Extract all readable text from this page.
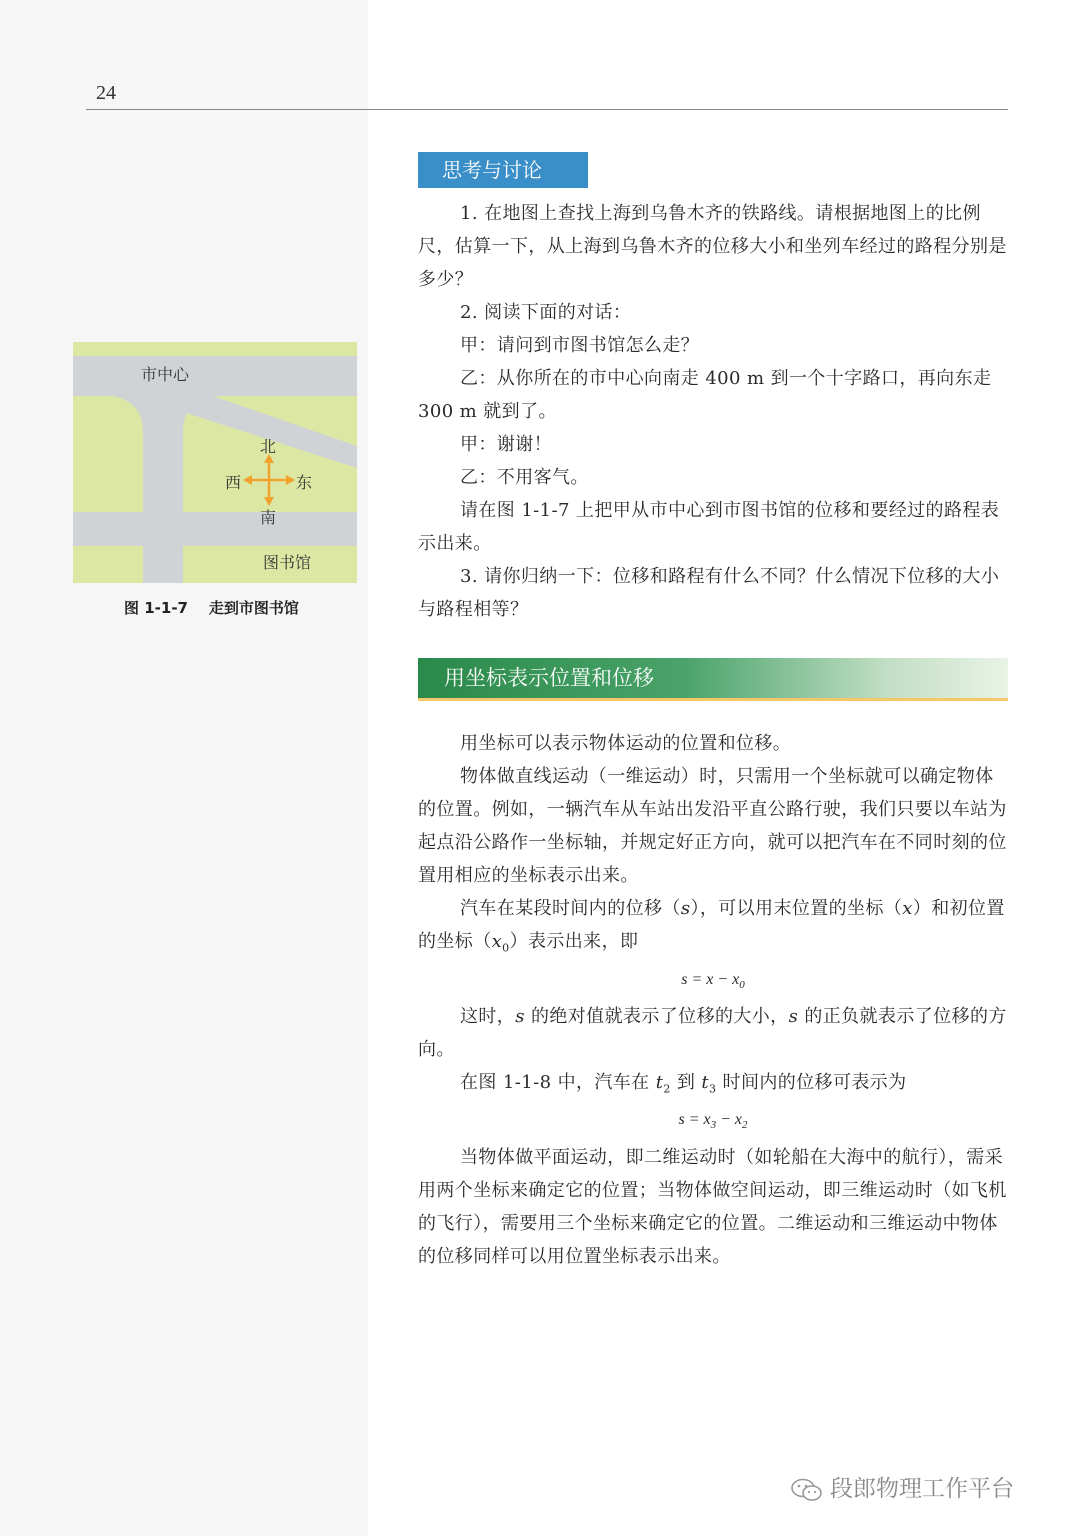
24
市中心
北
南
西	东
图书馆
图 1-1-7 走到市图书馆
思考与讨论

1. 在地图上查找上海到乌鲁木齐的铁路线。请根据地图上的比例尺，估算一下，从上海到乌鲁木齐的位移大小和坐列车经过的路程分别是多少？

2. 阅读下面的对话：

甲：请问到市图书馆怎么走？

乙：从你所在的市中心向南走 400 m 到一个十字路口，再向东走 300 m 就到了。

甲：谢谢！

乙：不用客气。

请在图 1-1-7 上把甲从市中心到市图书馆的位移和要经过的路程表示出来。

3. 请你归纳一下：位移和路程有什么不同？什么情况下位移的大小与路程相等？

用坐标表示位置和位移

用坐标可以表示物体运动的位置和位移。

物体做直线运动（一维运动）时，只需用一个坐标就可以确定物体的位置。例如，一辆汽车从车站出发沿平直公路行驶，我们只要以车站为起点沿公路作一坐标轴，并规定好正方向，就可以把汽车在不同时刻的位置用相应的坐标表示出来。

汽车在某段时间内的位移（s），可以用末位置的坐标（x）和初位置的坐标$(x_0)$表示出来，即

$s = x - x_0$

这时，s 的绝对值就表示了位移的大小，s 的正负就表示了位移的方向。

在图 1-1-8 中，汽车在 $t_2$ 到 $t_3$ 时间内的位移可表示为

$s = x_3 - x_2$

当物体做平面运动，即二维运动时（如轮船在大海中的航行），需采用两个坐标来确定它的位置；当物体做空间运动，即三维运动时（如飞机的飞行），需要用三个坐标来确定它的位置。二维运动和三维运动中物体的位移同样可以用位置坐标表示出来。

段郎物理工作平台
